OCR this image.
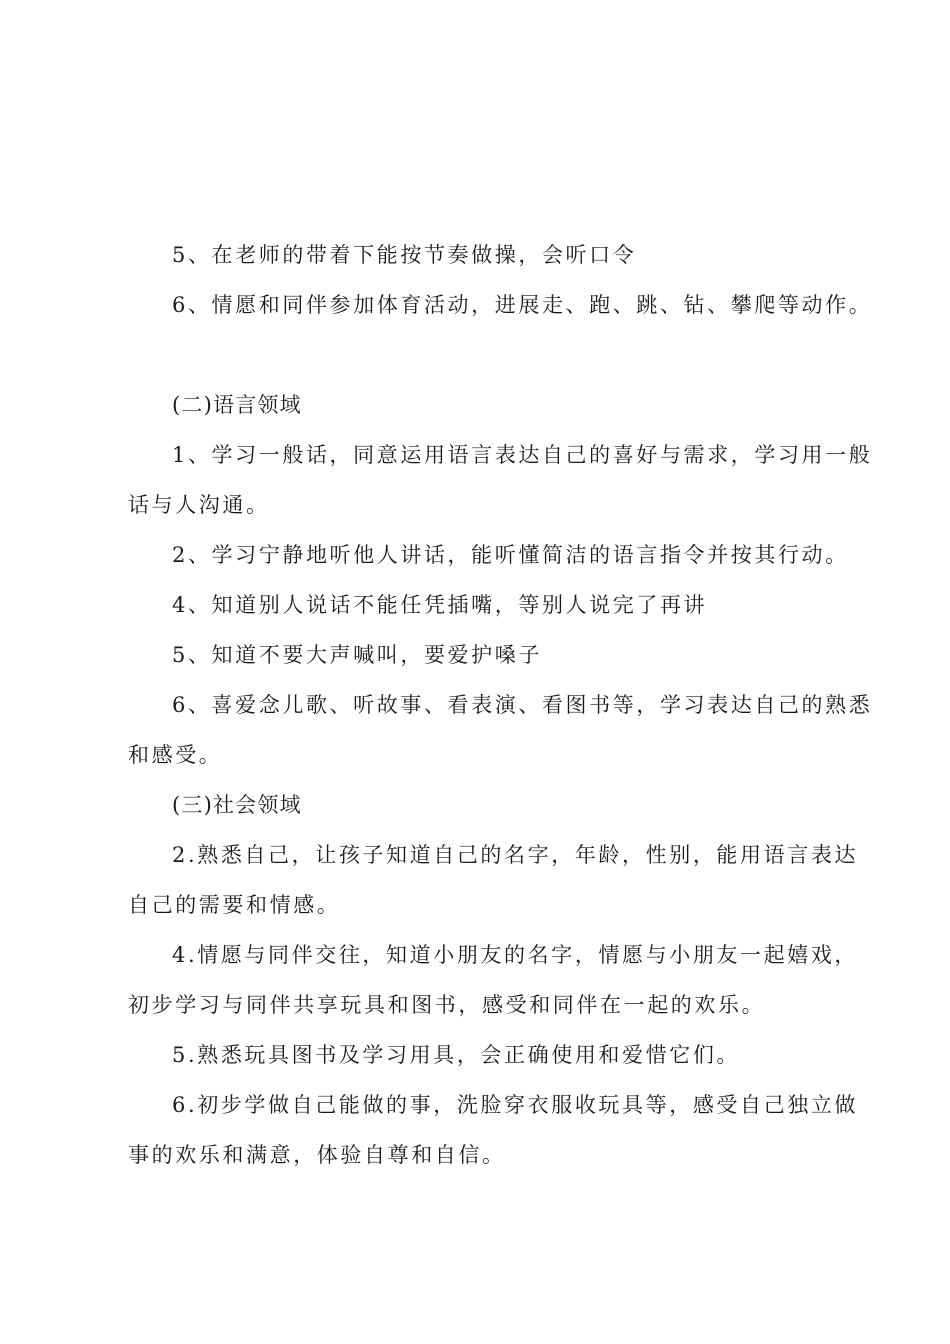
5、在老师的带着下能按节奏做操，会听口令
6、情愿和同伴参加体育活动，进展走、跑、跳、钻、攀爬等动作。
(二)语言领域
1、学习一般话，同意运用语言表达自己的喜好与需求，学习用一般
话与人沟通。
2、学习宁静地听他人讲话，能听懂简洁的语言指令并按其行动。
4、知道别人说话不能任凭插嘴，等别人说完了再讲
5、知道不要大声喊叫，要爱护嗓子
6、喜爱念儿歌、听故事、看表演、看图书等，学习表达自己的熟悉
和感受。
(三)社会领域
2.熟悉自己，让孩子知道自己的名字，年龄，性别，能用语言表达
自己的需要和情感。
4.情愿与同伴交往，知道小朋友的名字，情愿与小朋友一起嬉戏，
初步学习与同伴共享玩具和图书，感受和同伴在一起的欢乐。
5.熟悉玩具图书及学习用具，会正确使用和爱惜它们。
6.初步学做自己能做的事，洗脸穿衣服收玩具等，感受自己独立做
事的欢乐和满意，体验自尊和自信。
